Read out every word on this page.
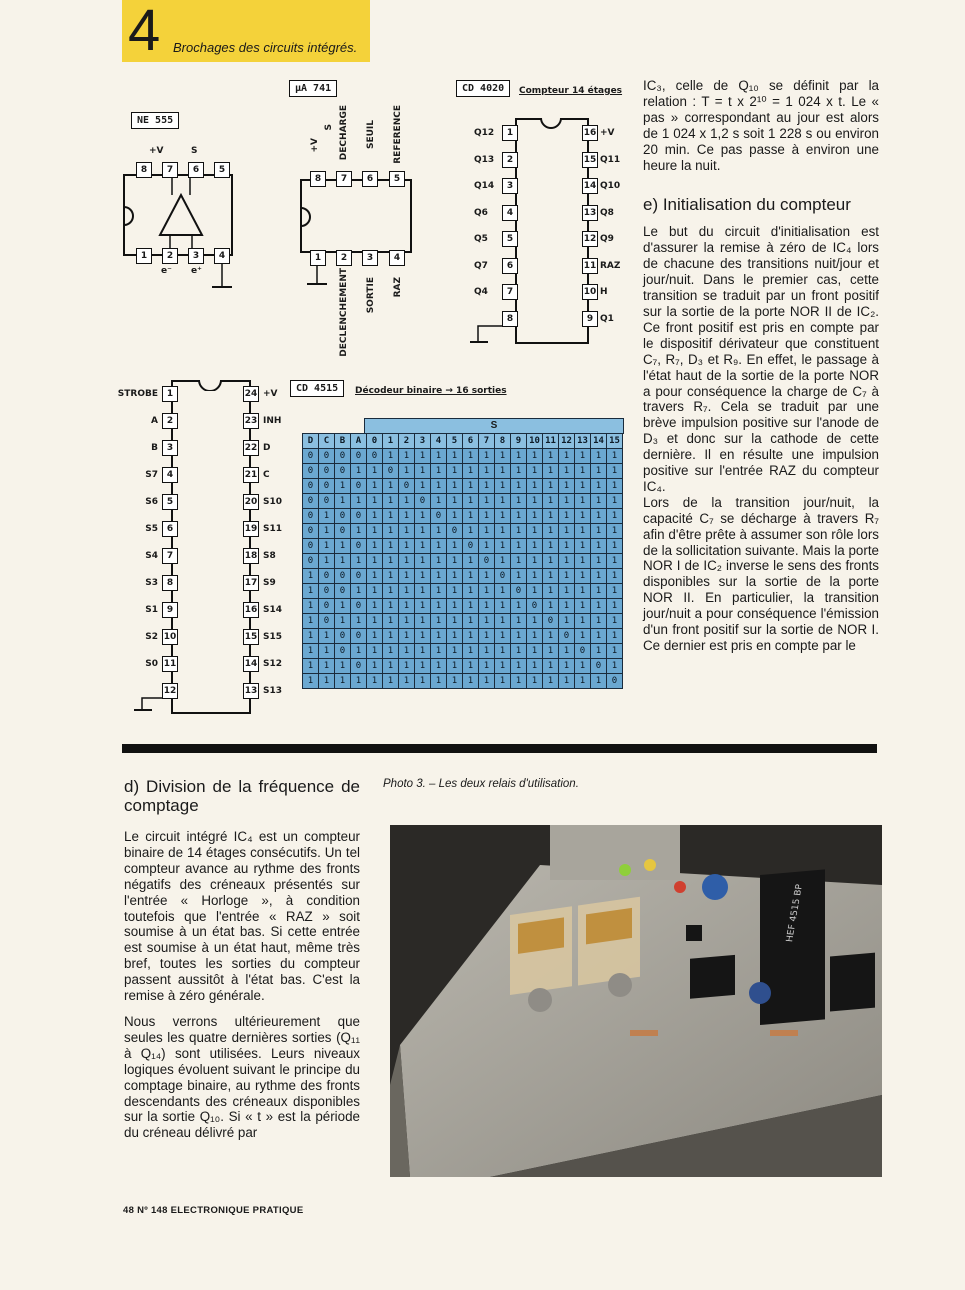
4 Brochages des circuits intégrés.
NE 555
+V	S
8	7	6	5
1	2	3	4
e⁻ e⁺
µA 741
+V
S DECHARGE SEUIL REFERENCE
8	7	6	5
1	2	3	4
DECLENCHEMENT SORTIE RAZ
CD 4020	Compteur 14 étages
CD 4515	Décodeur binaire → 16 sorties
S
D	C	B	A	0	1	2	3	4	5	6	7	8	9	10	11	12	13	14	15
0	0	0	0	0	1	1	1	1	1	1	1	1	1	1	1	1	1	1	1
0	0	0	1	1	0	1	1	1	1	1	1	1	1	1	1	1	1	1	1
0	0	1	0	1	1	0	1	1	1	1	1	1	1	1	1	1	1	1	1
0	0	1	1	1	1	1	0	1	1	1	1	1	1	1	1	1	1	1	1
0	1	0	0	1	1	1	1	0	1	1	1	1	1	1	1	1	1	1	1
0	1	0	1	1	1	1	1	1	0	1	1	1	1	1	1	1	1	1	1
0	1	1	0	1	1	1	1	1	1	0	1	1	1	1	1	1	1	1	1
0	1	1	1	1	1	1	1	1	1	1	0	1	1	1	1	1	1	1	1
1	0	0	0	1	1	1	1	1	1	1	1	0	1	1	1	1	1	1	1
1	0	0	1	1	1	1	1	1	1	1	1	1	0	1	1	1	1	1	1
1	0	1	0	1	1	1	1	1	1	1	1	1	1	0	1	1	1	1	1
1	0	1	1	1	1	1	1	1	1	1	1	1	1	1	0	1	1	1	1
1	1	0	0	1	1	1	1	1	1	1	1	1	1	1	1	0	1	1	1
1	1	0	1	1	1	1	1	1	1	1	1	1	1	1	1	1	0	1	1
1	1	1	0	1	1	1	1	1	1	1	1	1	1	1	1	1	1	0	1
1	1	1	1	1	1	1	1	1	1	1	1	1	1	1	1	1	1	1	0

IC₃, celle de Q₁₀ se définit par la relation : T = t x 2¹⁰ = 1 024 x t. Le « pas » correspondant au jour est alors de 1 024 x 1,2 s soit 1 228 s ou environ 20 min. Ce pas passe à environ une heure la nuit.

e) Initialisation du compteur

Le but du circuit d'initialisation est d'assurer la remise à zéro de IC₄ lors de chacune des transitions nuit/jour et jour/nuit. Dans le premier cas, cette transition se traduit par un front positif sur la sortie de la porte NOR II de IC₂. Ce front positif est pris en compte par le dispositif dérivateur que constituent C₇, R₇, D₃ et R₉. En effet, le passage à l'état haut de la sortie de la porte NOR a pour conséquence la charge de C₇ à travers R₇. Cela se traduit par une brève impulsion positive sur l'anode de D₃ et donc sur la cathode de cette dernière. Il en résulte une impulsion positive sur l'entrée RAZ du compteur IC₄.

Lors de la transition jour/nuit, la capacité C₇ se décharge à travers R₇ afin d'être prête à assumer son rôle lors de la sollicitation suivante. Mais la porte NOR I de IC₂ inverse le sens des fronts disponibles sur la sortie de la porte NOR II. En particulier, la transition jour/nuit a pour conséquence l'émission d'un front positif sur la sortie de NOR I. Ce dernier est pris en compte par le

d) Division de la fréquence de comptage

Le circuit intégré IC₄ est un compteur binaire de 14 étages consécutifs. Un tel compteur avance au rythme des fronts négatifs des créneaux présentés sur l'entrée « Horloge », à condition toutefois que l'entrée « RAZ » soit soumise à un état bas. Si cette entrée est soumise à un état haut, même très bref, toutes les sorties du compteur passent aussitôt à l'état bas. C'est la remise à zéro générale.

Nous verrons ultérieurement que seules les quatre dernières sorties (Q₁₁ à Q₁₄) sont utilisées. Leurs niveaux logiques évoluent suivant le principe du comptage binaire, au rythme des fronts descendants des créneaux disponibles sur la sortie Q₁₀. Si « t » est la période du créneau délivré par

Photo 3. – Les deux relais d'utilisation.
HEF 4515 BP
48 Nº 148 ELECTRONIQUE PRATIQUE
Q12	1
Q13	2
Q14	3
Q6	4
Q5	5
Q7	6
Q4	7
8
16 +V
15 Q11
14 Q10
13 Q8
12 Q9
11 RAZ
10 H
9 Q1
STROBE 1
A 2
B 3
S7 4
S6 5
S5 6
S4 7
S3 8
S1 9
S2 10
S0 11
12
24 +V
23 INH
22 D
21 C
20 S10
19 S11
18 S8
17 S9
16 S14
15 S15
14 S12
13 S13
